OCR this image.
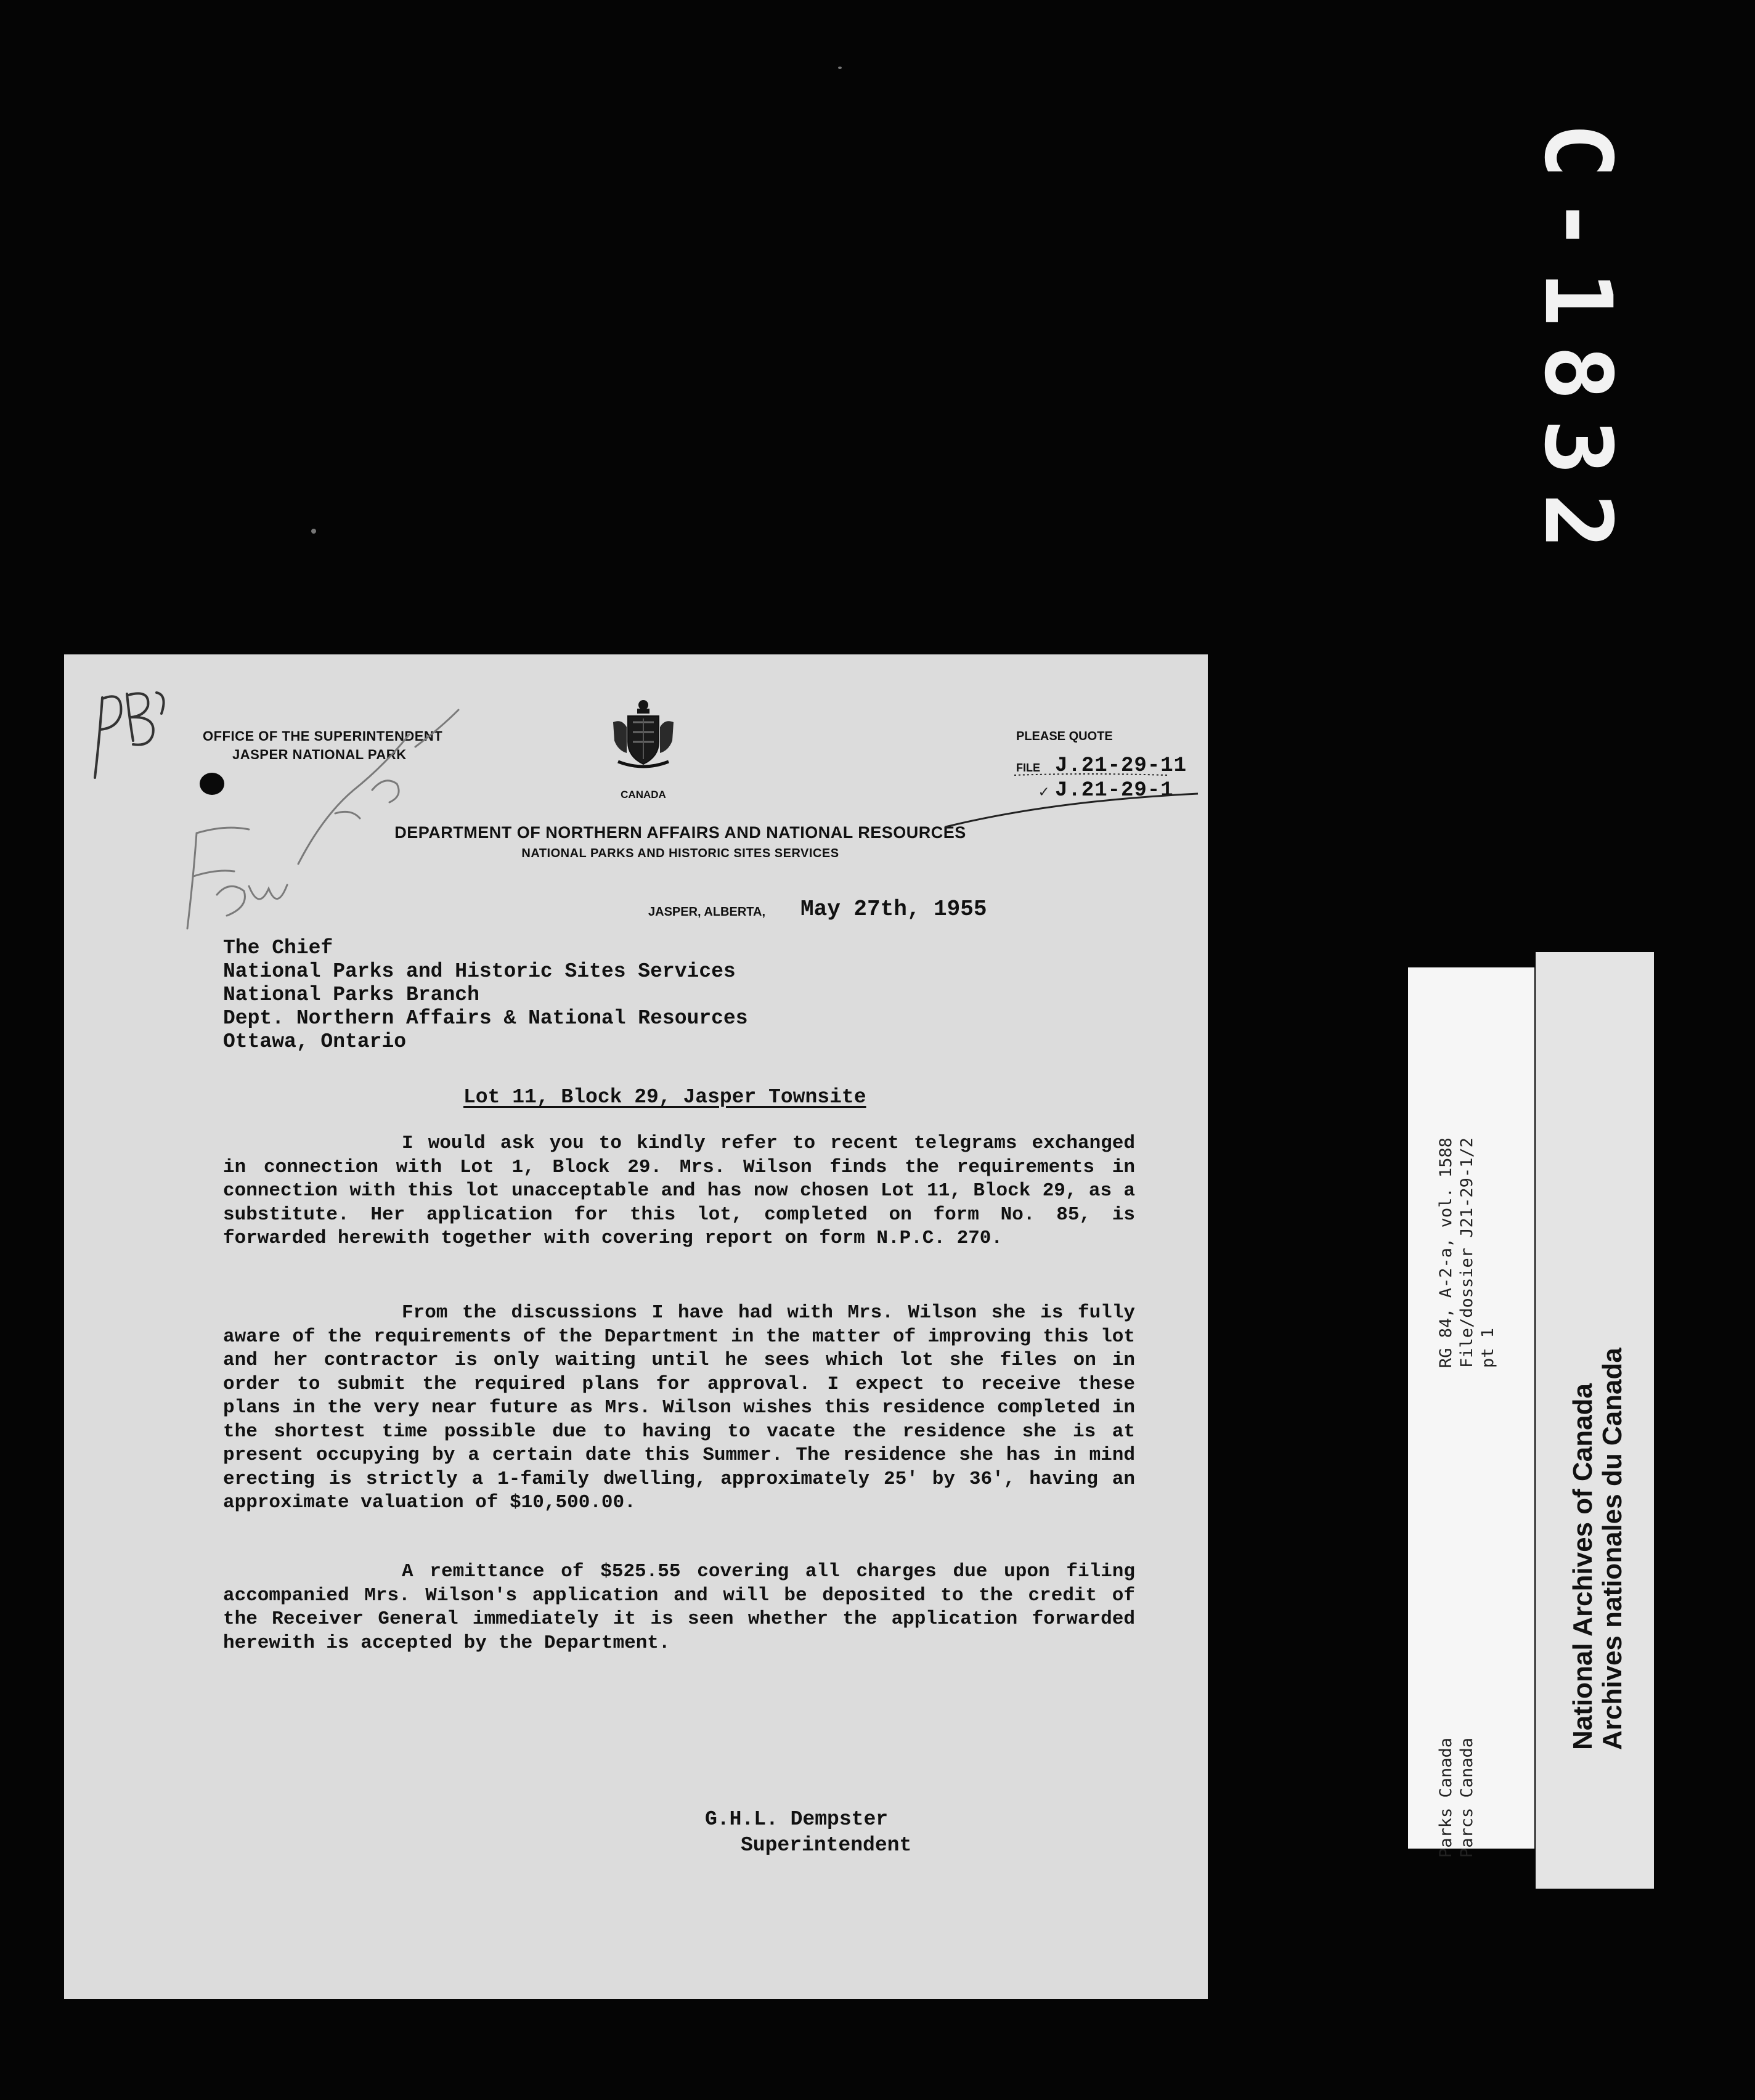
C-1832
OFFICE OF THE SUPERINTENDENT
JASPER NATIONAL PARK
CANADA
DEPARTMENT OF NORTHERN AFFAIRS AND NATIONAL RESOURCES
NATIONAL PARKS AND HISTORIC SITES SERVICES
PLEASE QUOTE
FILE J.21-29-11
✓ J.21-29-1
JASPER, ALBERTA, May 27th, 1955
The Chief
National Parks and Historic Sites Services
National Parks Branch
Dept. Northern Affairs & National Resources
Ottawa, Ontario
Lot 11, Block 29, Jasper Townsite

I would ask you to kindly refer to recent telegrams exchanged in connection with Lot 1, Block 29. Mrs. Wilson finds the requirements in connection with this lot unacceptable and has now chosen Lot 11, Block 29, as a substitute. Her application for this lot, completed on form No. 85, is forwarded herewith together with covering report on form N.P.C. 270.

From the discussions I have had with Mrs. Wilson she is fully aware of the requirements of the Department in the matter of improving this lot and her contractor is only waiting until he sees which lot she files on in order to submit the required plans for approval. I expect to receive these plans in the very near future as Mrs. Wilson wishes this residence completed in the shortest time possible due to having to vacate the residence she is at present occupying by a certain date this Summer. The residence she has in mind erecting is strictly a 1-family dwelling, approximately 25' by 36', having an approximate valuation of $10,500.00.

A remittance of $525.55 covering all charges due upon filing accompanied Mrs. Wilson's application and will be deposited to the credit of the Receiver General immediately it is seen whether the application forwarded herewith is accepted by the Department.

G.H.L. Dempster
Superintendent
RG 84, A-2-a, vol. 1588 File/dossier J21-29-1/2 pt 1
Parks Canada Parcs Canada
National Archives of Canada Archives nationales du Canada
